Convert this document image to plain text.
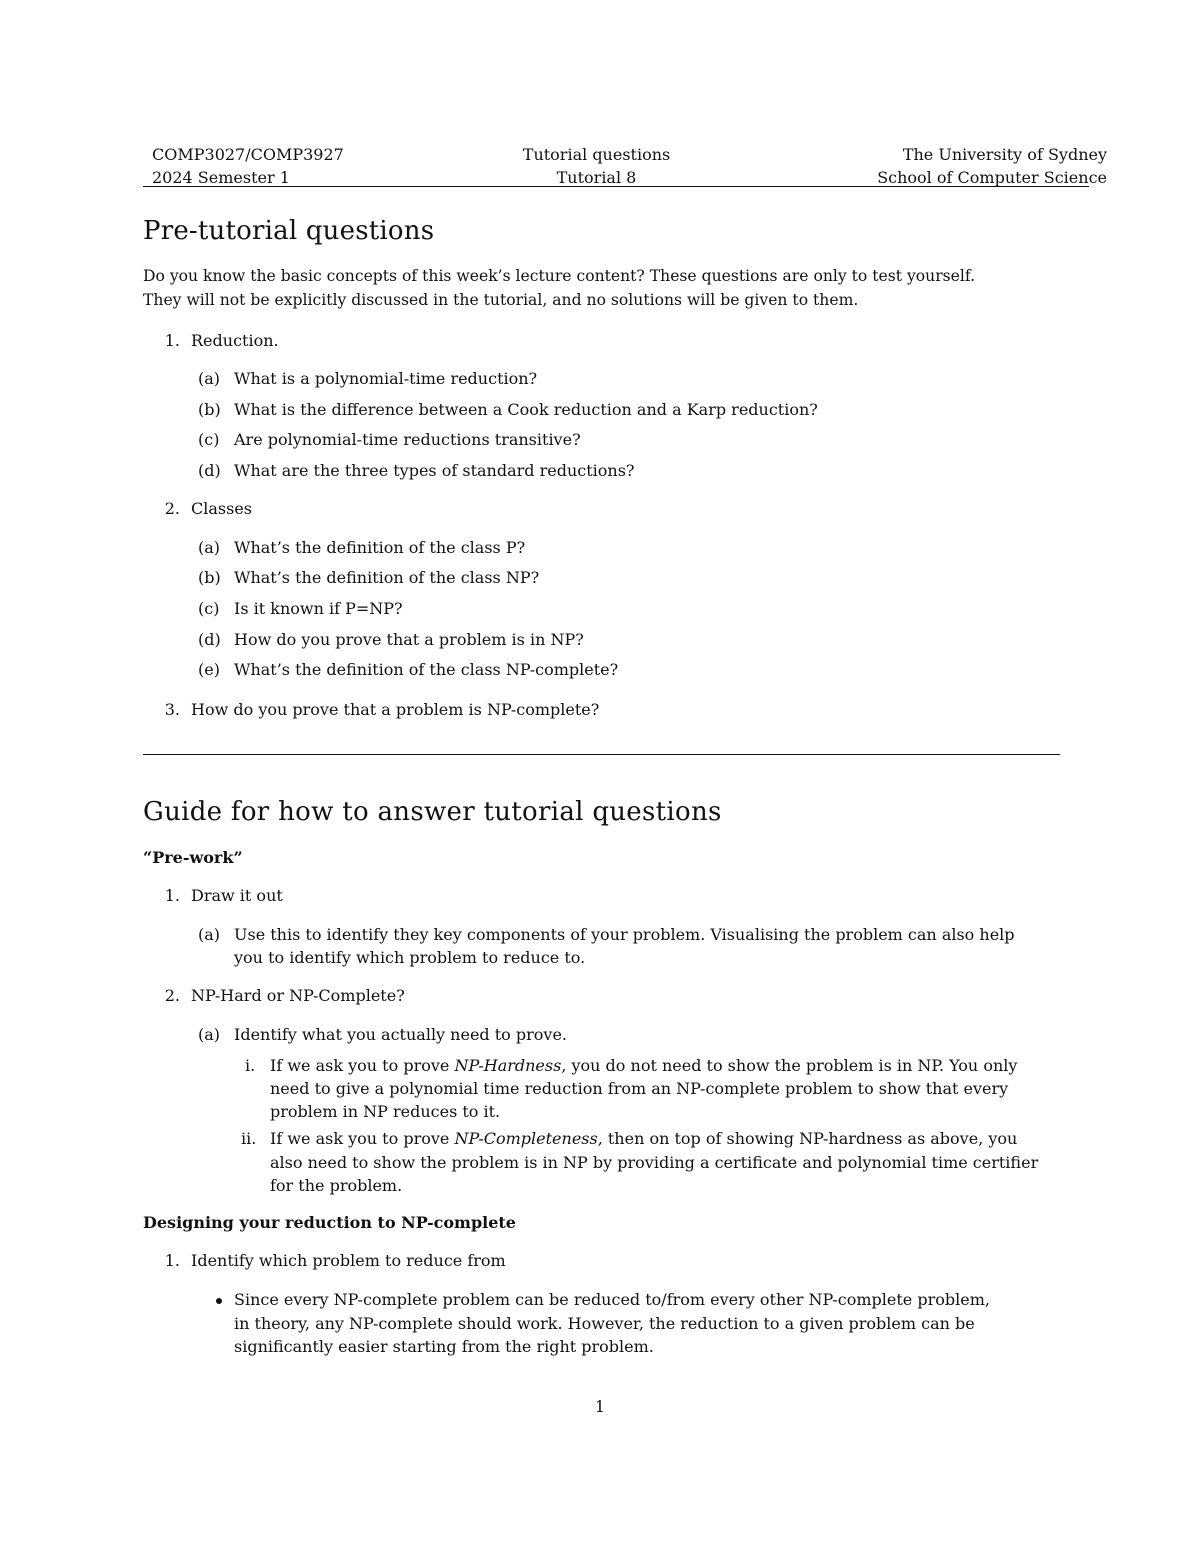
COMP3027/COMP3927
2024 Semester 1
Tutorial questions
Tutorial 8
The University of Sydney
School of Computer Science
Pre-tutorial questions
Do you know the basic concepts of this week’s lecture content? These questions are only to test yourself.
They will not be explicitly discussed in the tutorial, and no solutions will be given to them.
1. Reduction.
(a) What is a polynomial-time reduction?
(b) What is the difference between a Cook reduction and a Karp reduction?
(c) Are polynomial-time reductions transitive?
(d) What are the three types of standard reductions?
2. Classes
(a) What’s the definition of the class P?
(b) What’s the definition of the class NP?
(c) Is it known if P=NP?
(d) How do you prove that a problem is in NP?
(e) What’s the definition of the class NP-complete?
3. How do you prove that a problem is NP-complete?
Guide for how to answer tutorial questions
“Pre-work”
1. Draw it out
(a) Use this to identify they key components of your problem. Visualising the problem can also help
you to identify which problem to reduce to.
2. NP-Hard or NP-Complete?
(a) Identify what you actually need to prove.
i. If we ask you to prove NP-Hardness, you do not need to show the problem is in NP. You only
need to give a polynomial time reduction from an NP-complete problem to show that every
problem in NP reduces to it.
ii. If we ask you to prove NP-Completeness, then on top of showing NP-hardness as above, you
also need to show the problem is in NP by providing a certificate and polynomial time certifier
for the problem.
Designing your reduction to NP-complete
1. Identify which problem to reduce from
Since every NP-complete problem can be reduced to/from every other NP-complete problem,
in theory, any NP-complete should work. However, the reduction to a given problem can be
significantly easier starting from the right problem.
1
